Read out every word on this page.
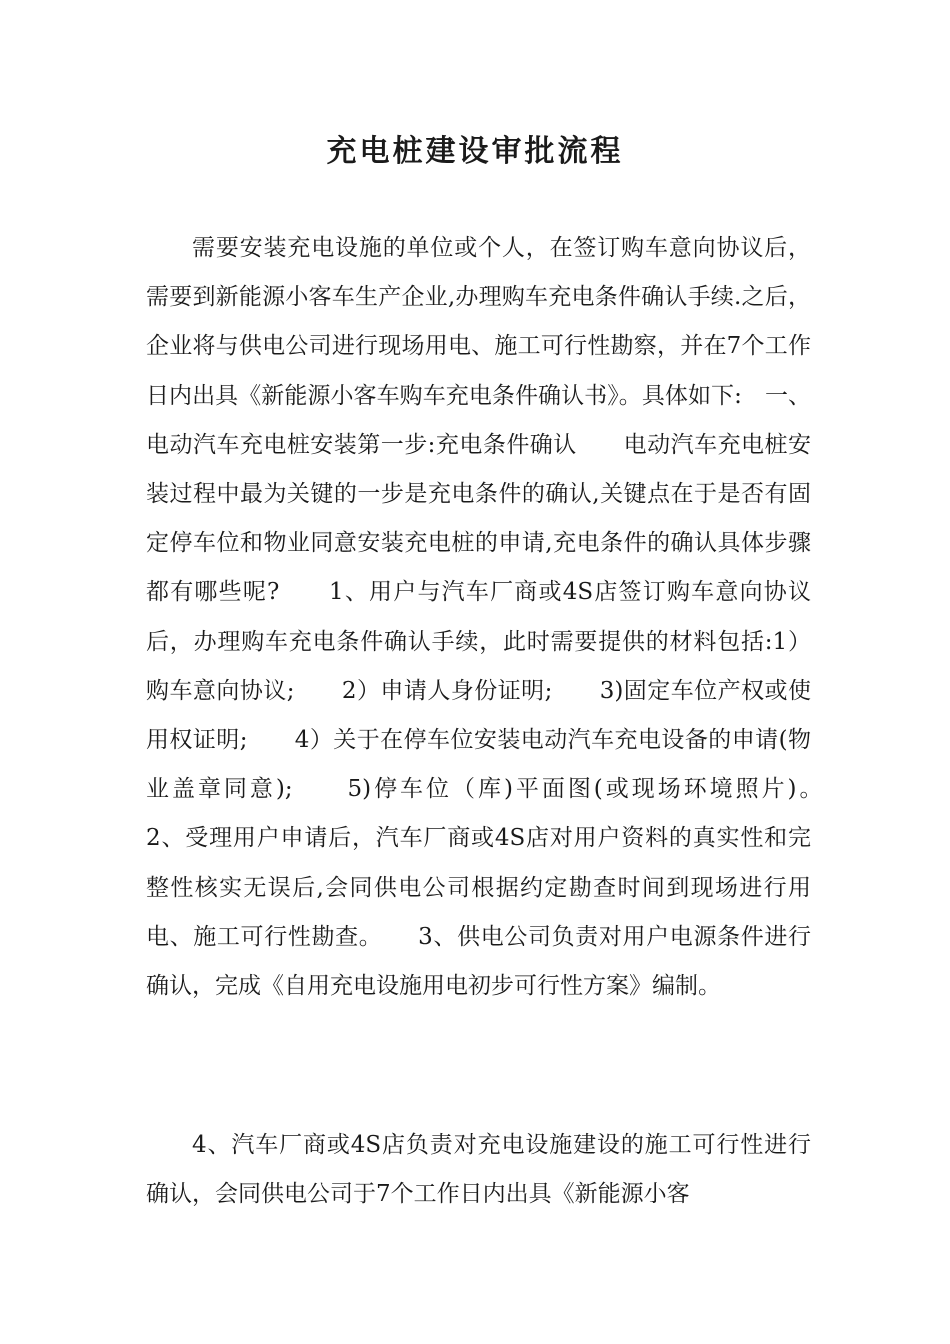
充电桩建设审批流程

需要安装充电设施的单位或个人，在签订购车意向协议后，需要到新能源小客车生产企业,办理购车充电条件确认手续.之后，企业将与供电公司进行现场用电、施工可行性勘察，并在7个工作日内出具《新能源小客车购车充电条件确认书》。具体如下:　一、电动汽车充电桩安装第一步:充电条件确认　　电动汽车充电桩安装过程中最为关键的一步是充电条件的确认,关键点在于是否有固定停车位和物业同意安装充电桩的申请,充电条件的确认具体步骤都有哪些呢?　　1、用户与汽车厂商或4S店签订购车意向协议后，办理购车充电条件确认手续，此时需要提供的材料包括:1）购车意向协议;　　2）申请人身份证明;　　3)固定车位产权或使用权证明;　　4）关于在停车位安装电动汽车充电设备的申请(物业盖章同意);　　5)停车位（库)平面图(或现场环境照片)。　　2、受理用户申请后，汽车厂商或4S店对用户资料的真实性和完整性核实无误后,会同供电公司根据约定勘查时间到现场进行用电、施工可行性勘查。　　3、供电公司负责对用户电源条件进行确认，完成《自用充电设施用电初步可行性方案》编制。

4、汽车厂商或4S店负责对充电设施建设的施工可行性进行确认，会同供电公司于7个工作日内出具《新能源小客
